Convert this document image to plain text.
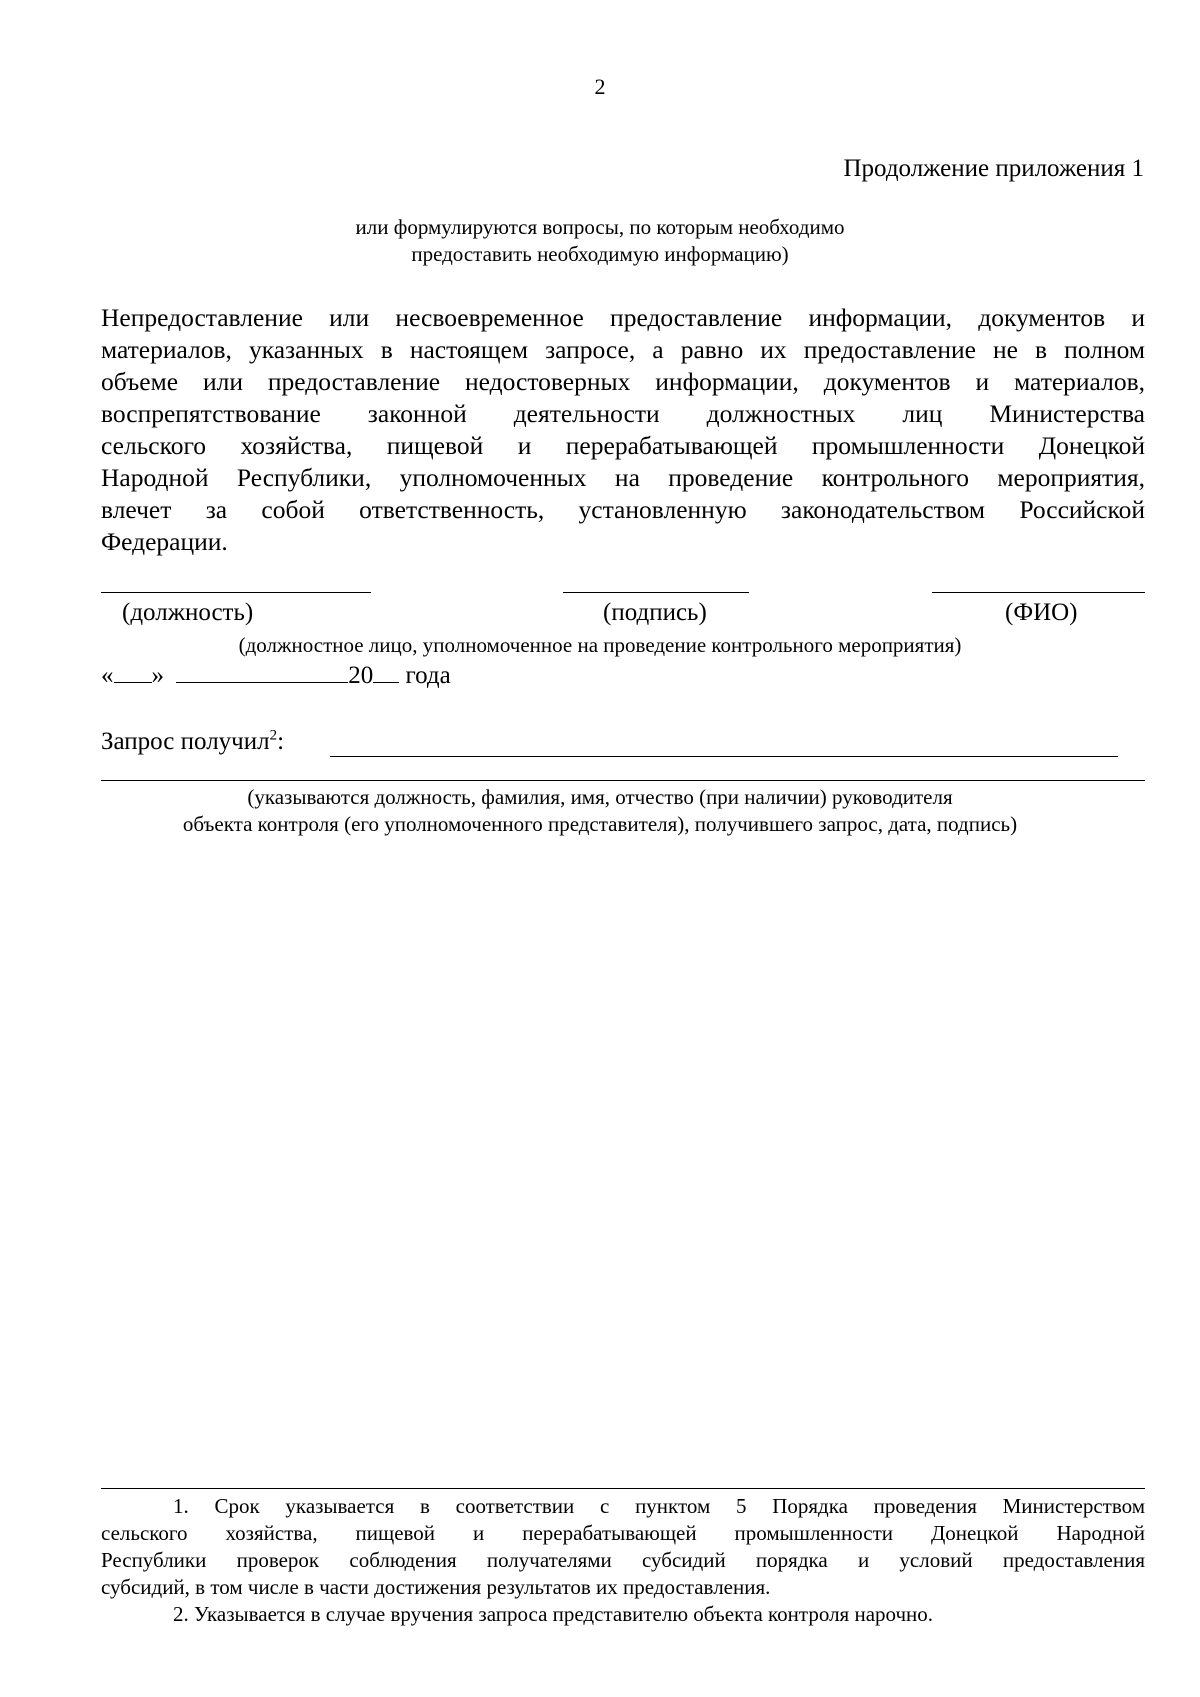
2
Продолжение приложения 1
или формулируются вопросы, по которым необходимо
предоставить необходимую информацию)
Непредоставление или несвоевременное предоставление информации, документов и
материалов, указанных в настоящем запросе, а равно их предоставление не в полном
объеме или предоставление недостоверных информации, документов и материалов,
воспрепятствование законной деятельности должностных лиц Министерства
сельского хозяйства, пищевой и перерабатывающей промышленности Донецкой
Народной Республики, уполномоченных на проведение контрольного мероприятия,
влечет за собой ответственность, установленную законодательством Российской
Федерации.
(должность)	(подпись)	(ФИО)
(должностное лицо, уполномоченное на проведение контрольного мероприятия)
« »	20 года
Запрос получил$^2$:
(указываются должность, фамилия, имя, отчество (при наличии) руководителя
объекта контроля (его уполномоченного представителя), получившего запрос, дата, подпись)
1. Срок указывается в соответствии с пунктом 5 Порядка проведения Министерством
сельского хозяйства, пищевой и перерабатывающей промышленности Донецкой Народной
Республики проверок соблюдения получателями субсидий порядка и условий предоставления
субсидий, в том числе в части достижения результатов их предоставления.
2. Указывается в случае вручения запроса представителю объекта контроля нарочно.
